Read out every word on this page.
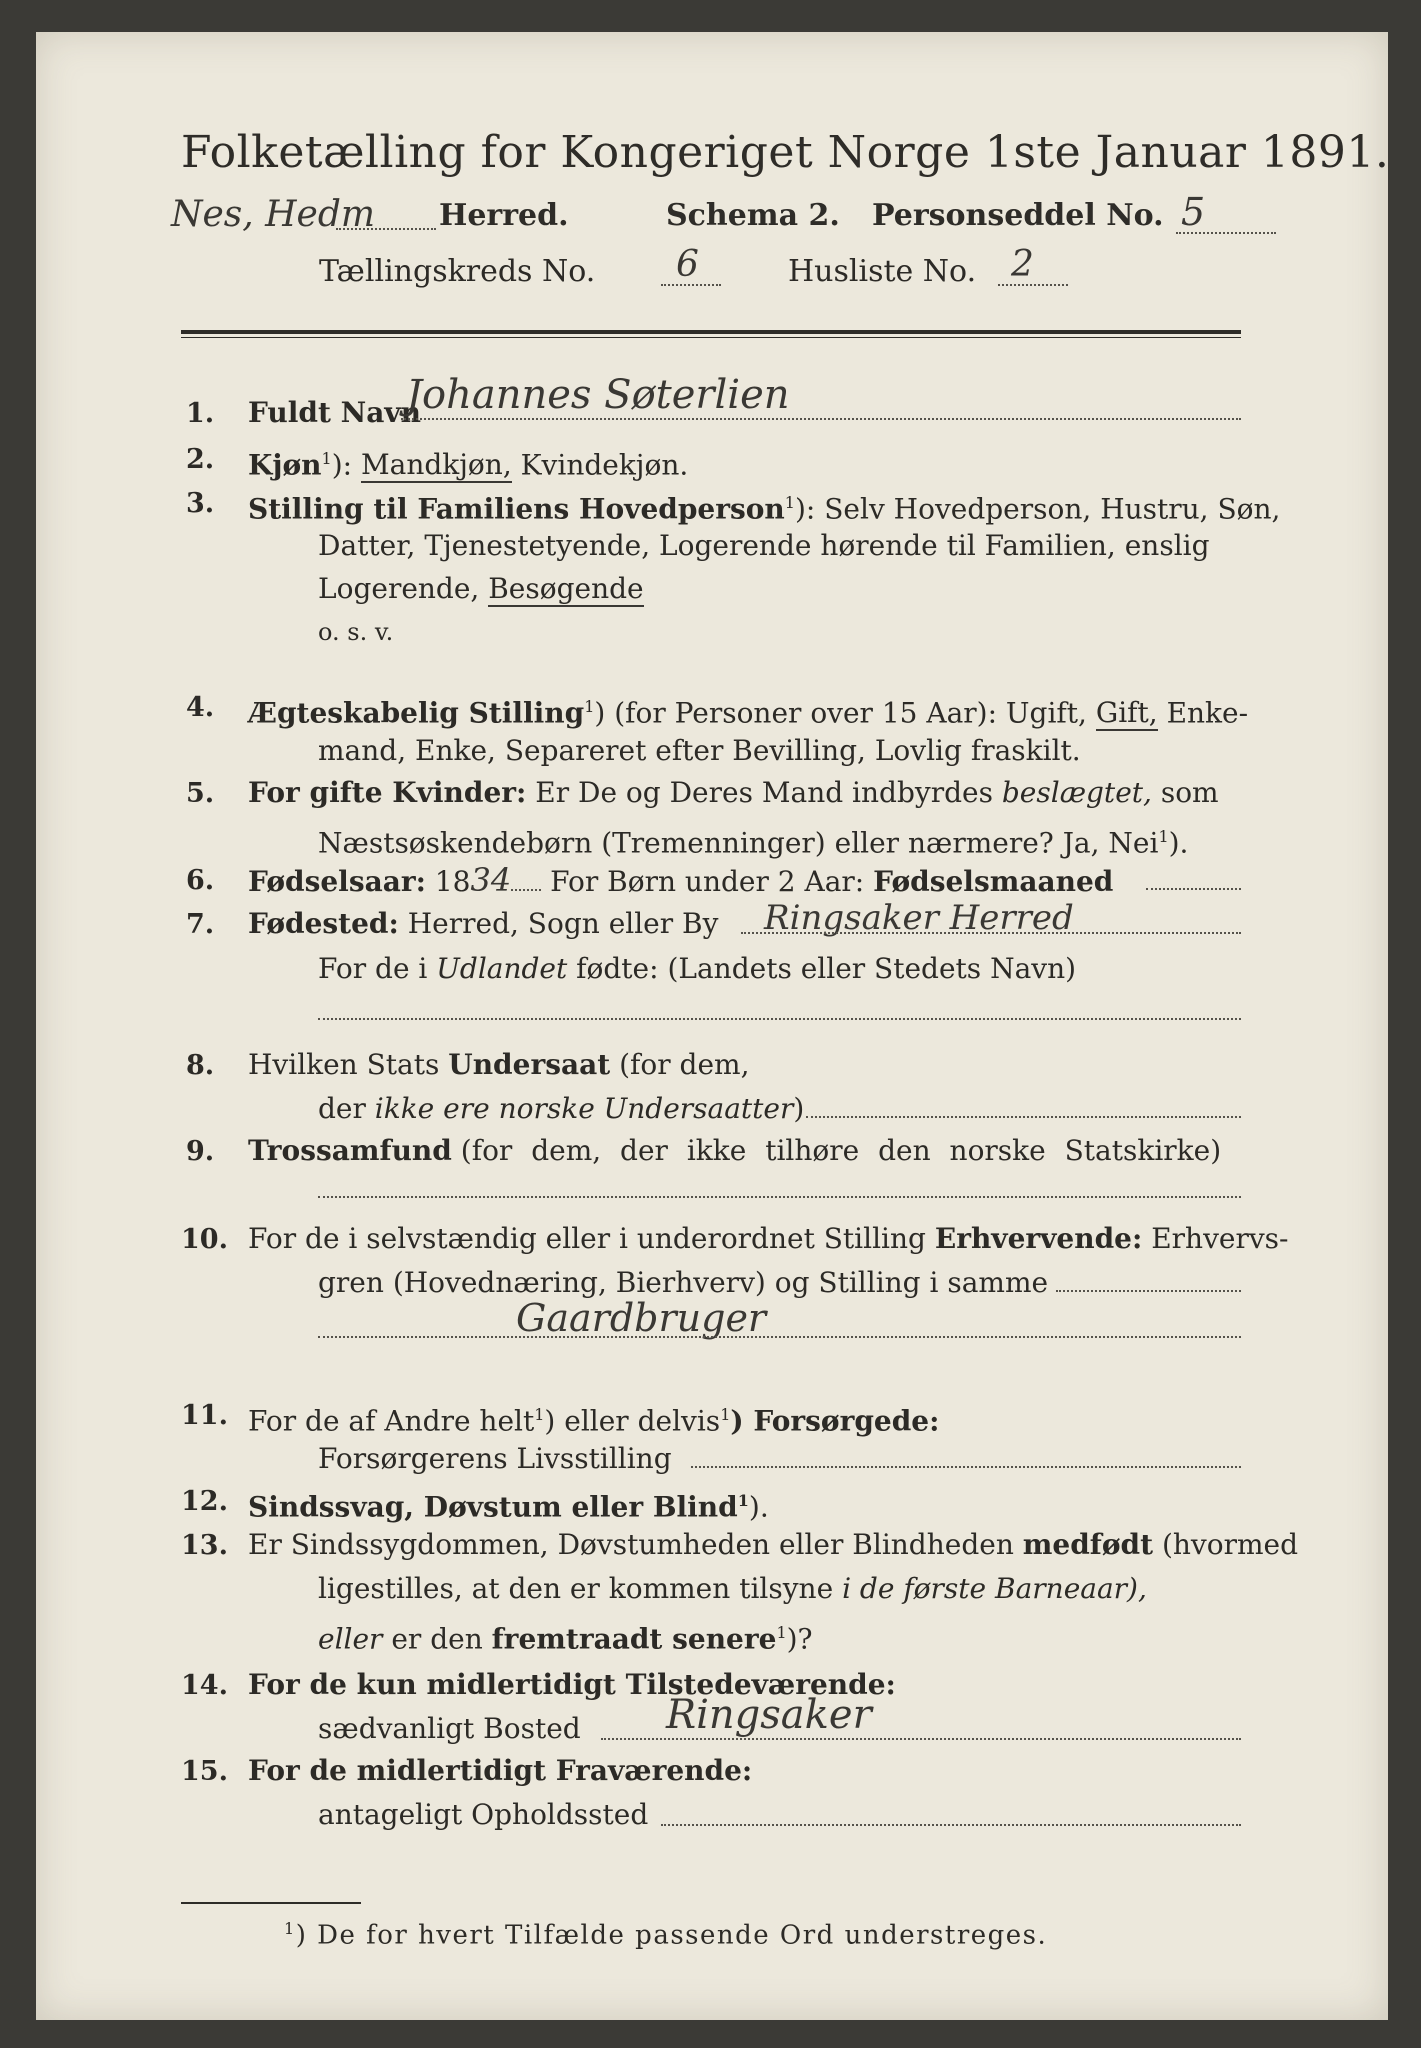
Folketælling for Kongeriget Norge 1ste Januar 1891.
Nes, Hedm Herred.	Schema 2. Personseddel No. 5
Tællingskreds No. 6	Husliste No. 2
1. Fuldt Navn
Johannes Søterlien
2. Kjøn$^1$): Mandkjøn, Kvindekjøn.
3. Stilling til Familiens Hovedperson$^1$): Selv Hovedperson, Hustru, Søn,
Datter, Tjenestetyende, Logerende hørende til Familien, enslig
Logerende, Besøgende
o. s. v.
4. Ægteskabelig Stilling$^1$) (for Personer over 15 Aar): Ugift, Gift, Enke-
mand, Enke, Separeret efter Bevilling, Lovlig fraskilt.
5. For gifte Kvinder: Er De og Deres Mand indbyrdes beslægtet, som
Næstsøskendebørn (Tremenninger) eller nærmere? Ja, Nei$^1$).
6. Fødselsaar: 1834 For Børn under 2 Aar: Fødselsmaaned
7. Fødested: Herred, Sogn eller By Ringsaker Herred
For de i Udlandet fødte: (Landets eller Stedets Navn)
8. Hvilken Stats Undersaat (for dem,
der ikke ere norske Undersaatter)
9. Trossamfund (for dem, der ikke tilhøre den norske Statskirke)
10. For de i selvstændig eller i underordnet Stilling Erhvervende: Erhvervs-
gren (Hovednæring, Bierhverv) og Stilling i samme
Gaardbruger
11. For de af Andre helt$^1$) eller delvis$^1$) Forsørgede:
Forsørgerens Livsstilling
12. Sindssvag, Døvstum eller Blind$^1$).
13. Er Sindssygdommen, Døvstumheden eller Blindheden medfødt (hvormed
ligestilles, at den er kommen tilsyne i de første Barneaar),
eller er den fremtraadt senere$^1$)?
14. For de kun midlertidigt Tilstedeværende:
sædvanligt Bosted Ringsaker
15. For de midlertidigt Fraværende:
antageligt Opholdssted
$^1$) De for hvert Tilfælde passende Ord understreges.
